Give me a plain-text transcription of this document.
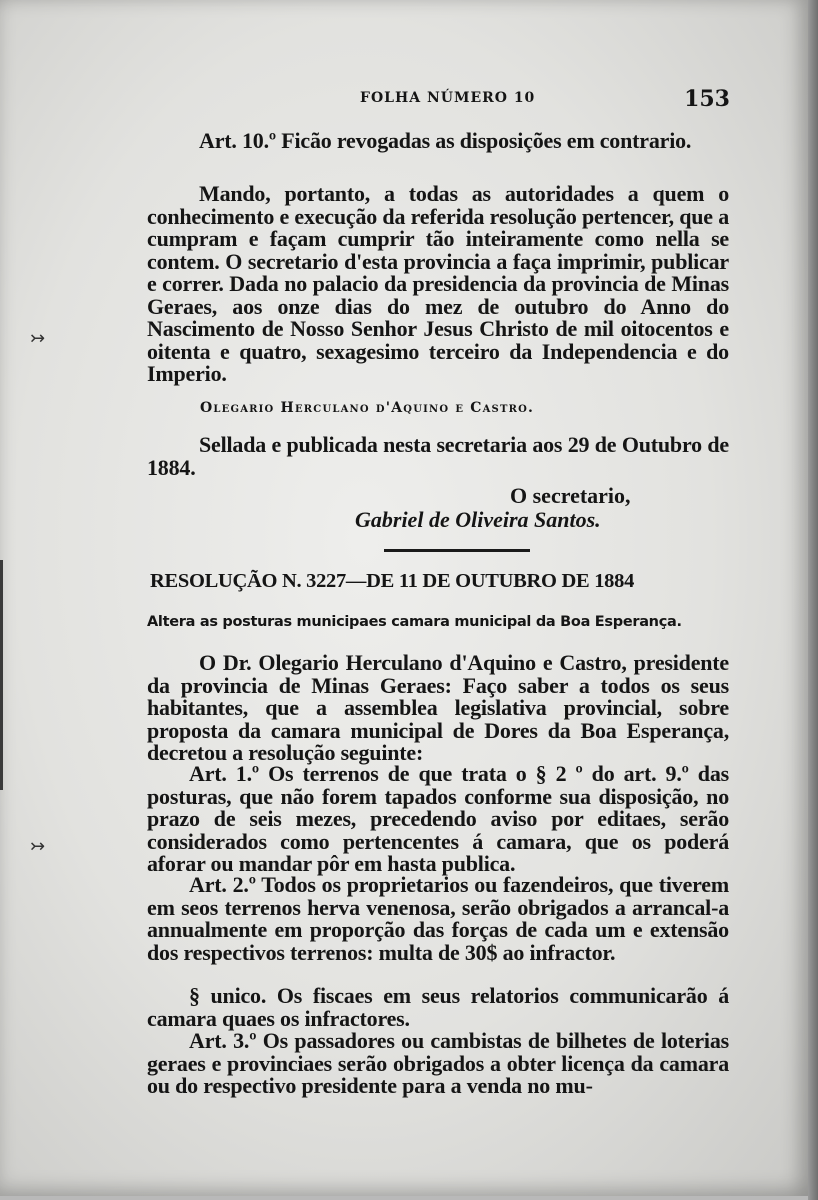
FOLHA NÚMERO 10	153
Art. 10.º Ficão revogadas as disposições em contrario.
Mando, portanto, a todas as autoridades a quem o conhecimento e execução da referida resolução pertencer, que a cumpram e façam cumprir tão inteiramente como nella se contem. O secretario d'esta provincia a faça imprimir, publicar e correr. Dada no palacio da presidencia da provincia de Minas Geraes, aos onze dias do mez de outubro do Anno do Nascimento de Nosso Senhor Jesus Christo de mil oitocentos e oitenta e quatro, sexagesimo terceiro da Independencia e do Imperio.
Olegario Herculano d'Aquino e Castro.
Sellada e publicada nesta secretaria aos 29 de Outubro de 1884.
O secretario,
Gabriel de Oliveira Santos.
RESOLUÇÃO N. 3227—DE 11 DE OUTUBRO DE 1884
Altera as posturas municipaes camara municipal da Boa Esperança.
O Dr. Olegario Herculano d'Aquino e Castro, presidente da provincia de Minas Geraes: Faço saber a todos os seus habitantes, que a assemblea legislativa provincial, sobre proposta da camara municipal de Dores da Boa Esperança, decretou a resolução seguinte:
Art. 1.º Os terrenos de que trata o § 2 º do art. 9.º das posturas, que não forem tapados conforme sua disposição, no prazo de seis mezes, precedendo aviso por editaes, serão considerados como pertencentes á camara, que os poderá aforar ou mandar pôr em hasta publica.
Art. 2.º Todos os proprietarios ou fazendeiros, que tiverem em seos terrenos herva venenosa, serão obrigados a arrancal-a annualmente em proporção das forças de cada um e extensão dos respectivos terrenos: multa de 30$ ao infractor.
§ unico. Os fiscaes em seus relatorios communicarão á camara quaes os infractores.
Art. 3.º Os passadores ou cambistas de bilhetes de loterias geraes e provinciaes serão obrigados a obter licença da camara ou do respectivo presidente para a venda no mu-
↣
↣
